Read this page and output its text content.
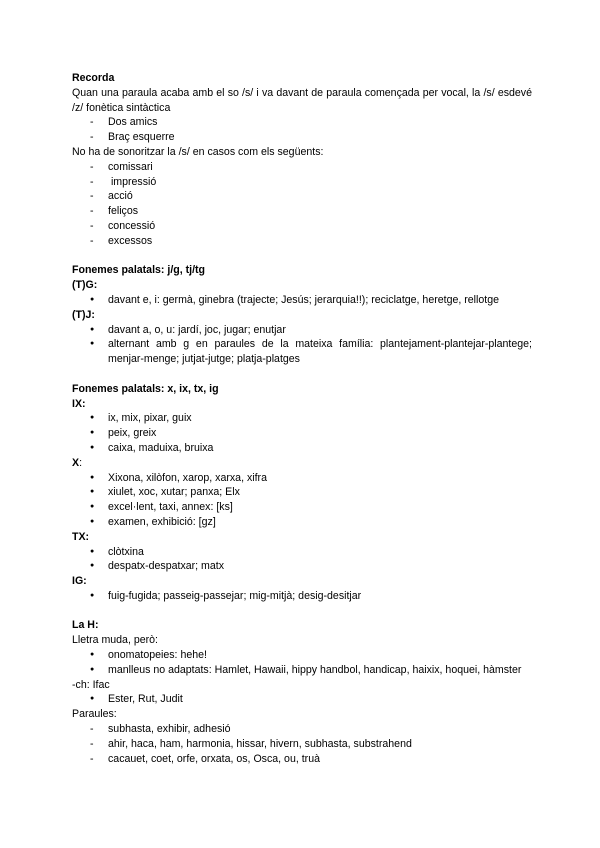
Recorda

Quan una paraula acaba amb el so /s/ i va davant de paraula començada per vocal, la /s/ esdevé /z/ fonètica sintàctica

- Dos amics
- Braç esquerre

No ha de sonoritzar la /s/ en casos com els següents:

- comissari
-  impressió
- acció
- feliços
- concessió
- excessos

Fonemes palatals: j/g, tj/tg

(T)G:

● davant e, i: germà, ginebra (trajecte; Jesús; jerarquia!!); reciclatge, heretge, rellotge

(T)J:

● davant a, o, u: jardí, joc, jugar; enutjar
● alternant amb g en paraules de la mateixa família: plantejament-plantejar-plantege; menjar-menge; jutjat-jutge; platja-platges

Fonemes palatals: x, ix, tx, ig

IX:

● ix, mix, pixar, guix
● peix, greix
● caixa, maduixa, bruixa

X:

● Xixona, xilòfon, xarop, xarxa, xifra
● xiulet, xoc, xutar; panxa; Elx
● excel·lent, taxi, annex: [ks]
● examen, exhibició: [gz]

TX:

● clòtxina
● despatx-despatxar; matx

IG:

● fuig-fugida; passeig-passejar; mig-mitjà; desig-desitjar

La H:

Lletra muda, però:

● onomatopeies: hehe!
● manlleus no adaptats: Hamlet, Hawaii, hippy handbol, handicap, haixix, hoquei, hàmster

-ch: Ifac

● Ester, Rut, Judit

Paraules:

- subhasta, exhibir, adhesió
- ahir, haca, ham, harmonia, hissar, hivern, subhasta, substrahend
- cacauet, coet, orfe, orxata, os, Osca, ou, truà
